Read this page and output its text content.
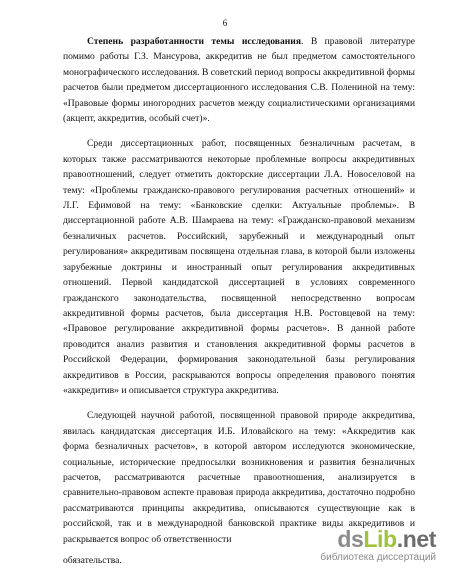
6

Степень разработанности темы исследования. В правовой литературе помимо работы Г.З. Мансурова, аккредитив не был предметом самостоятельного монографического исследования. В советский период вопросы аккредитивной формы расчетов были предметом диссертационного исследования С.В. Полениной на тему: «Правовые формы иногородних расчетов между социалистическими организациями (акцепт, аккредитив, особый счет)».

Среди диссертационных работ, посвященных безналичным расчетам, в которых также рассматриваются некоторые проблемные вопросы аккредитивных правоотношений, следует отметить докторские диссертации Л.А. Новоселовой на тему: «Проблемы гражданско-правового регулирования расчетных отношений» и Л.Г. Ефимовой на тему: «Банковские сделки: Актуальные проблемы». В диссертационной работе А.В. Шамраева на тему: «Гражданско-правовой механизм безналичных расчетов. Российский, зарубежный и международный опыт регулирования» аккредитивам посвящена отдельная глава, в которой были изложены зарубежные доктрины и иностранный опыт регулирования аккредитивных отношений. Первой кандидатской диссертацией в условиях современного гражданского законодательства, посвященной непосредственно вопросам аккредитивной формы расчетов, была диссертация Н.В. Ростовцевой на тему: «Правовое регулирование аккредитивной формы расчетов». В данной работе проводится анализ развития и становления аккредитивной формы расчетов в Российской Федерации, формирования законодательной базы регулирования аккредитивов в России, раскрываются вопросы определения правового понятия «аккредитив» и описывается структура аккредитива.

Следующей научной работой, посвященной правовой природе аккредитива, явилась кандидатская диссертация И.Б. Иловайского на тему: «Аккредитив как форма безналичных расчетов», в которой автором исследуются экономические, социальные, исторические предпосылки возникновения и развития безналичных расчетов, рассматриваются расчетные правоотношения, анализируется в сравнительно-правовом аспекте правовая природа аккредитива, достаточно подробно рассматриваются принципы аккредитива, описываются существующие как в российской, так и в международной банковской практике виды аккредитивов и раскрывается вопрос об ответственности

обязательства.

dsLib.net
библиотека диссертаций
